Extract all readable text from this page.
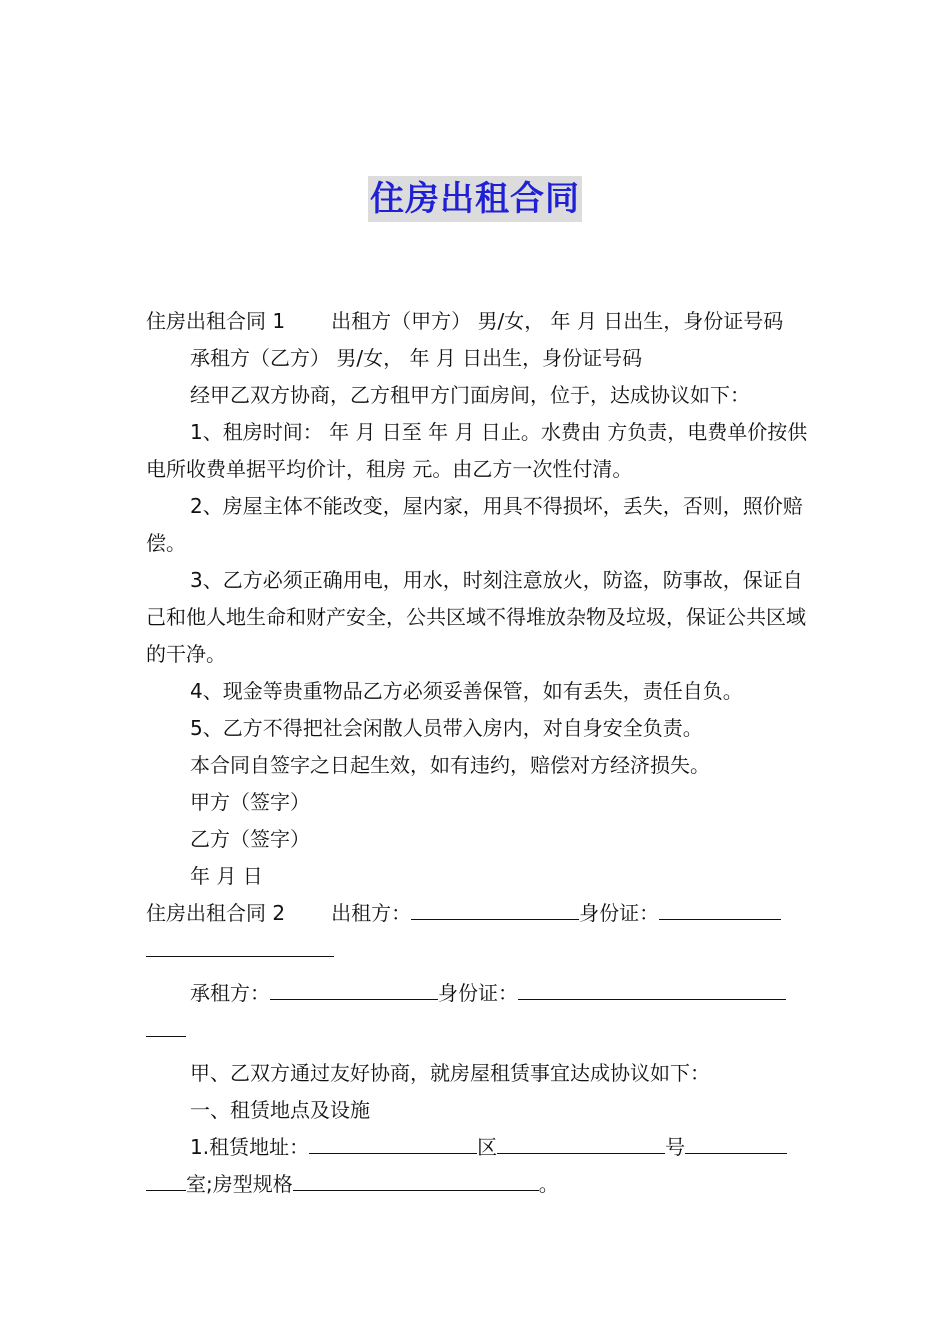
住房出租合同

住房出租合同 1 出租方（甲方） 男/女， 年 月 日出生，身份证号码

承租方（乙方） 男/女， 年 月 日出生，身份证号码

经甲乙双方协商，乙方租甲方门面房间，位于，达成协议如下：

1、租房时间： 年 月 日至 年 月 日止。水费由 方负责，电费单价按供电所收费单据平均价计，租房 元。由乙方一次性付清。

2、房屋主体不能改变，屋内家，用具不得损坏，丢失，否则，照价赔偿。

3、乙方必须正确用电，用水，时刻注意放火，防盗，防事故，保证自己和他人地生命和财产安全，公共区域不得堆放杂物及垃圾，保证公共区域的干净。

4、现金等贵重物品乙方必须妥善保管，如有丢失，责任自负。

5、乙方不得把社会闲散人员带入房内，对自身安全负责。

本合同自签字之日起生效，如有违约，赔偿对方经济损失。

甲方（签字）

乙方（签字）

年 月 日

住房出租合同 2 出租方：	身份证：

承租方：	身份证：

甲、乙双方通过友好协商，就房屋租赁事宜达成协议如下：

一、租赁地点及设施

1.租赁地址：	区	号
室;房型规格	。
